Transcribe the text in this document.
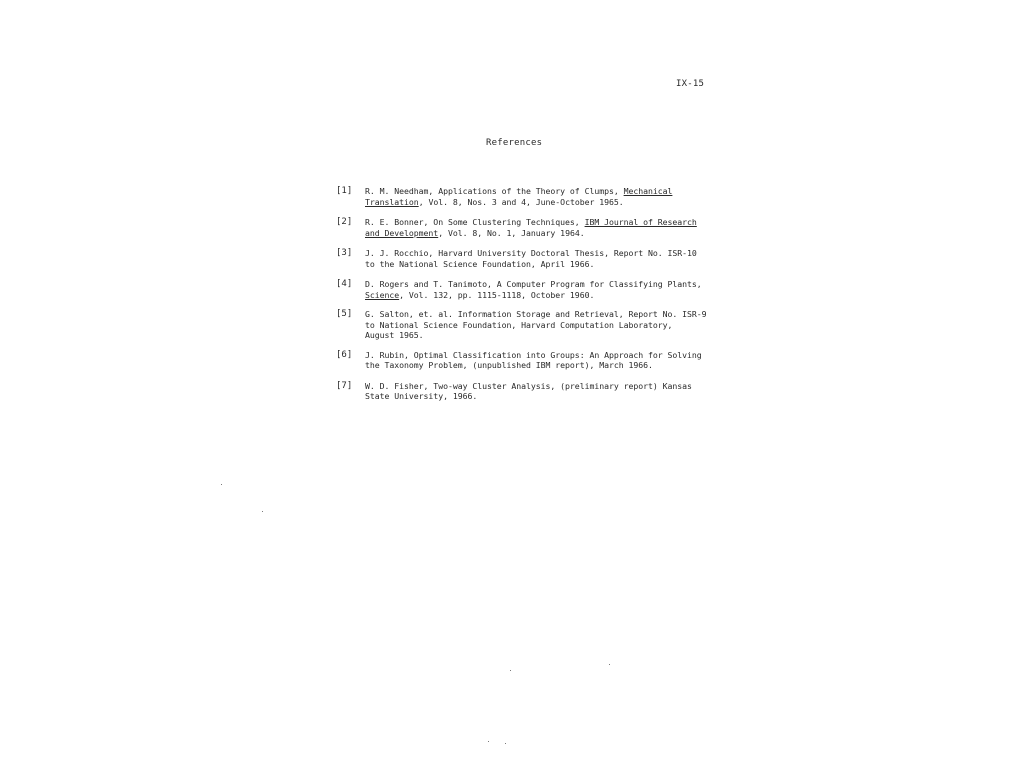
IX-15
References
[1]	R. M. Needham, Applications of the Theory of Clumps, Mechanical
Translation, Vol. 8, Nos. 3 and 4, June-October 1965.
[2]	R. E. Bonner, On Some Clustering Techniques, IBM Journal of Research
and Development, Vol. 8, No. 1, January 1964.
[3]	J. J. Rocchio, Harvard University Doctoral Thesis, Report No. ISR-10
to the National Science Foundation, April 1966.
[4]	D. Rogers and T. Tanimoto, A Computer Program for Classifying Plants,
Science, Vol. 132, pp. 1115-1118, October 1960.
[5]	G. Salton, et. al. Information Storage and Retrieval, Report No. ISR-9
to National Science Foundation, Harvard Computation Laboratory,
August 1965.
[6]	J. Rubin, Optimal Classification into Groups: An Approach for Solving
the Taxonomy Problem, (unpublished IBM report), March 1966.
[7]	W. D. Fisher, Two-way Cluster Analysis, (preliminary report) Kansas
State University, 1966.
